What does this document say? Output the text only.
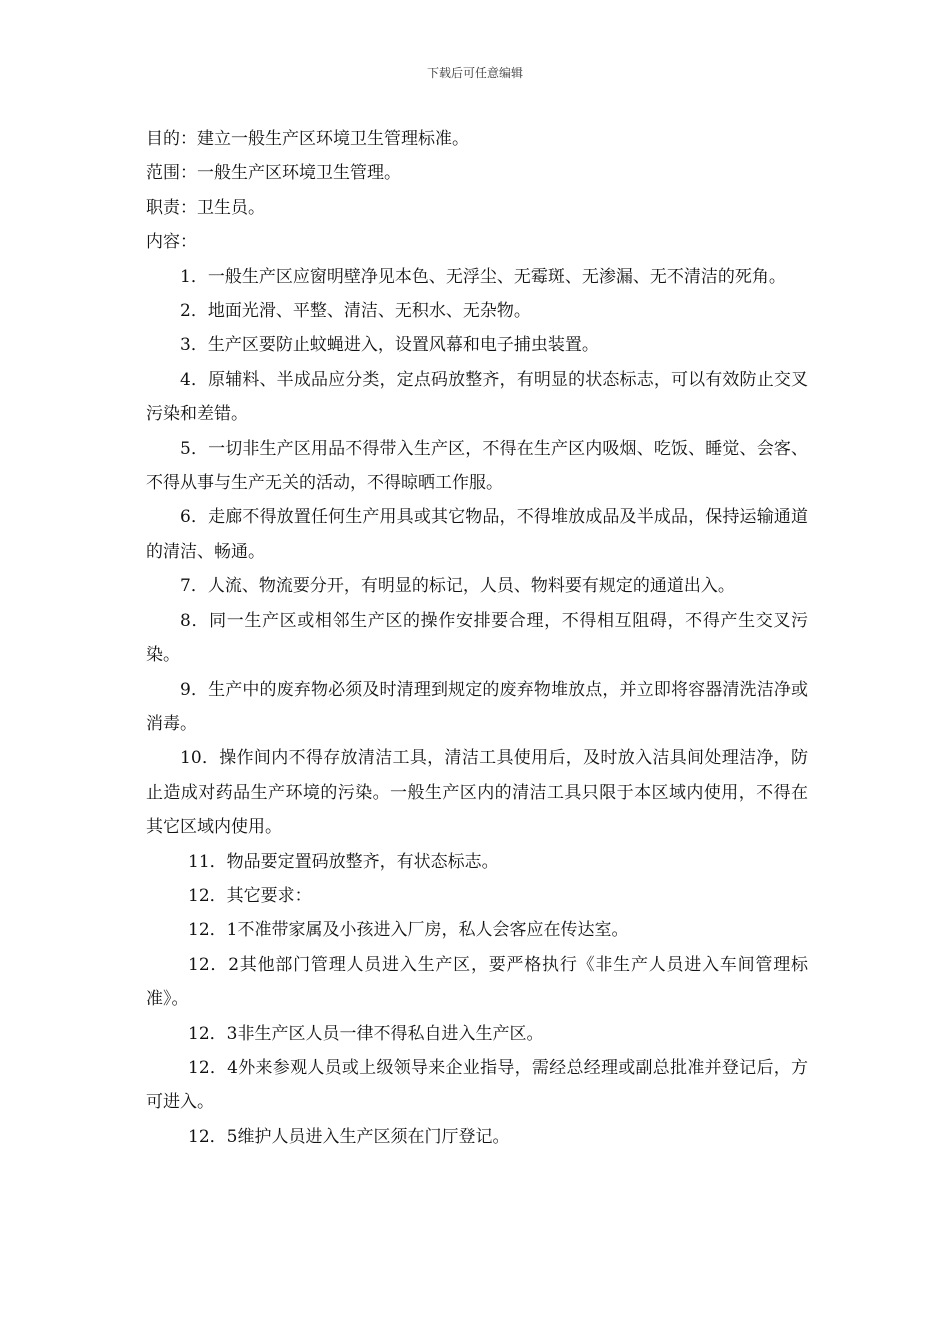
下载后可任意编辑

目的：建立一般生产区环境卫生管理标准。

范围：一般生产区环境卫生管理。

职责：卫生员。

内容：

1．一般生产区应窗明壁净见本色、无浮尘、无霉斑、无渗漏、无不清洁的死角。

2．地面光滑、平整、清洁、无积水、无杂物。

3．生产区要防止蚊蝇进入，设置风幕和电子捕虫装置。

4．原辅料、半成品应分类，定点码放整齐，有明显的状态标志，可以有效防止交叉污染和差错。

5．一切非生产区用品不得带入生产区，不得在生产区内吸烟、吃饭、睡觉、会客、不得从事与生产无关的活动，不得晾晒工作服。

6．走廊不得放置任何生产用具或其它物品，不得堆放成品及半成品，保持运输通道的清洁、畅通。

7．人流、物流要分开，有明显的标记，人员、物料要有规定的通道出入。

8．同一生产区或相邻生产区的操作安排要合理，不得相互阻碍，不得产生交叉污染。

9．生产中的废弃物必须及时清理到规定的废弃物堆放点，并立即将容器清洗洁净或消毒。

10．操作间内不得存放清洁工具，清洁工具使用后，及时放入洁具间处理洁净，防止造成对药品生产环境的污染。一般生产区内的清洁工具只限于本区域内使用，不得在其它区域内使用。

11．物品要定置码放整齐，有状态标志。

12．其它要求：

12．1不准带家属及小孩进入厂房，私人会客应在传达室。

12．2其他部门管理人员进入生产区，要严格执行《非生产人员进入车间管理标准》。

12．3非生产区人员一律不得私自进入生产区。

12．4外来参观人员或上级领导来企业指导，需经总经理或副总批准并登记后，方可进入。

12．5维护人员进入生产区须在门厅登记。
